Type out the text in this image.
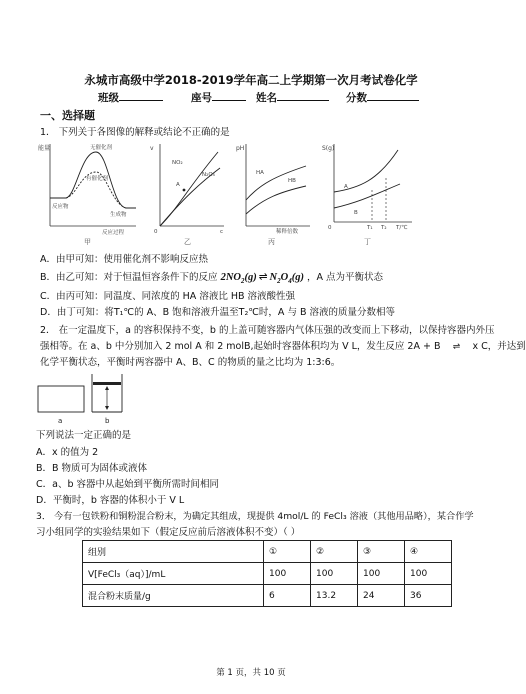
永城市高级中学2018-2019学年高二上学期第一次月考试卷化学
班级	座号	姓名	分数
一、选择题
1． 下列关于各图像的解释或结论不正确的是
能量	无催化剂
有催化剂
生成物
反应物
反应过程
甲
v
NO₂
N₂O₄
A
0	c
乙
pH
HA
HB
稀释倍数
丙
S(g)
A
B
0	T₁ T₂ T/℃
丁
A．由甲可知：使用催化剂不影响反应热
B．由乙可知：对于恒温恒容条件下的反应 $2NO_2(g)$ ⇌ $N_2O_4(g)$ ，A 点为平衡状态
C．由丙可知：同温度、同浓度的 HA 溶液比 HB 溶液酸性强
D．由丁可知：将T₁℃的 A、B 饱和溶液升温至T₂℃时，A 与 B 溶液的质量分数相等
2． 在一定温度下，a 的容积保持不变，b 的上盖可随容器内气体压强的改变而上下移动，以保持容器内外压
强相等。在 a、b 中分别加入 2 mol A 和 2 molB,起始时容器体积均为 V L，发生反应 2A + B ⇌ x C，并达到
化学平衡状态，平衡时两容器中 A、B、C 的物质的量之比均为 1:3:6。
a	b
下列说法一定正确的是
A．x 的值为 2
B．B 物质可为固体或液体
C．a、b 容器中从起始到平衡所需时间相同
D．平衡时，b 容器的体积小于 V L
3． 今有一包铁粉和铜粉混合粉末，为确定其组成，现提供 4mol/L 的 FeCl₃ 溶液（其他用品略），某合作学
习小组同学的实验结果如下（假定反应前后溶液体积不变）（ ）
组别	①	②	③	④
V[FeCl₃（aq）]/mL	100	100	100	100
混合粉末质量/g	6	13.2	24	36
第 1 页，共 10 页
